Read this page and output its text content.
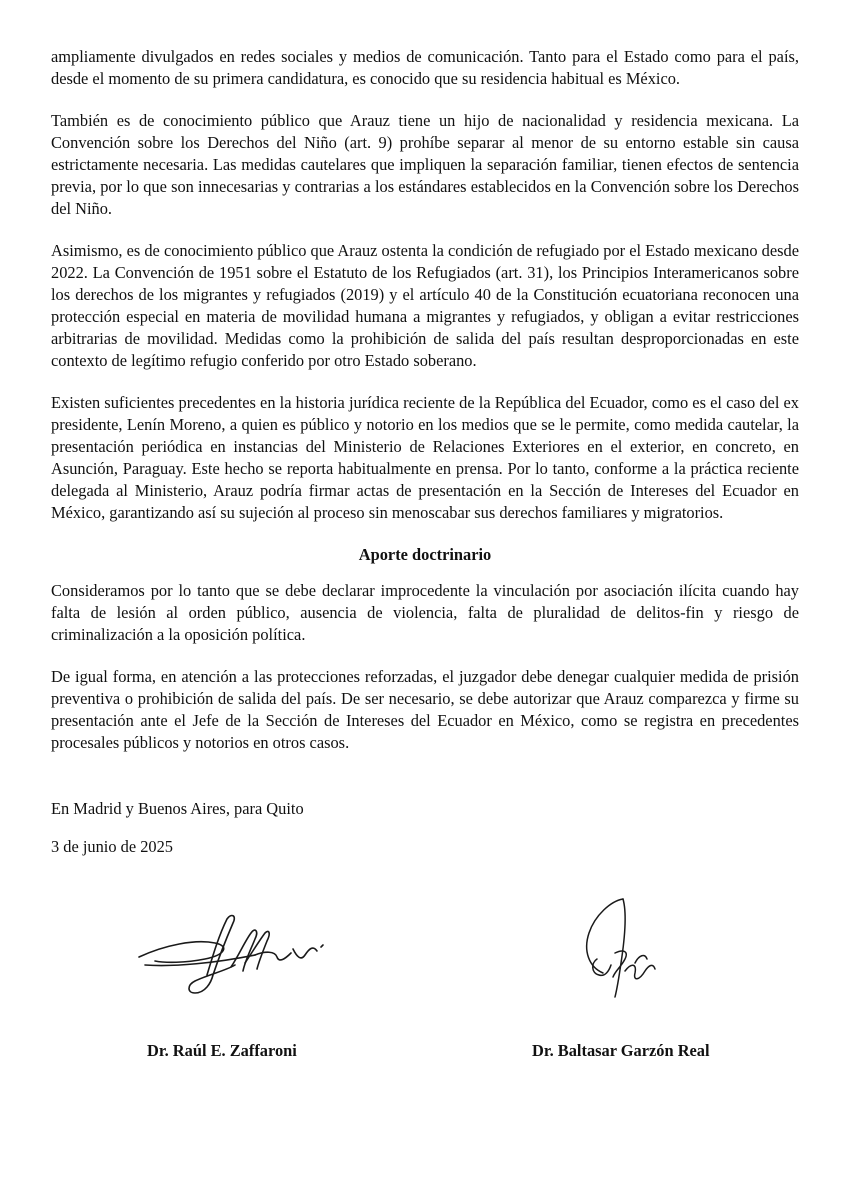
ampliamente divulgados en redes sociales y medios de comunicación. Tanto para el Estado como para el país, desde el momento de su primera candidatura, es conocido que su residencia habitual es México.

También es de conocimiento público que Arauz tiene un hijo de nacionalidad y residencia mexicana. La Convención sobre los Derechos del Niño (art. 9) prohíbe separar al menor de su entorno estable sin causa estrictamente necesaria. Las medidas cautelares que impliquen la separación familiar, tienen efectos de sentencia previa, por lo que son innecesarias y contrarias a los estándares establecidos en la Convención sobre los Derechos del Niño.

Asimismo, es de conocimiento público que Arauz ostenta la condición de refugiado por el Estado mexicano desde 2022. La Convención de 1951 sobre el Estatuto de los Refugiados (art. 31), los Principios Interamericanos sobre los derechos de los migrantes y refugiados (2019) y el artículo 40 de la Constitución ecuatoriana reconocen una protección especial en materia de movilidad humana a migrantes y refugiados, y obligan a evitar restricciones arbitrarias de movilidad. Medidas como la prohibición de salida del país resultan desproporcionadas en este contexto de legítimo refugio conferido por otro Estado soberano.

Existen suficientes precedentes en la historia jurídica reciente de la República del Ecuador, como es el caso del ex presidente, Lenín Moreno, a quien es público y notorio en los medios que se le permite, como medida cautelar, la presentación periódica en instancias del Ministerio de Relaciones Exteriores en el exterior, en concreto, en Asunción, Paraguay. Este hecho se reporta habitualmente en prensa. Por lo tanto, conforme a la práctica reciente delegada al Ministerio, Arauz podría firmar actas de presentación en la Sección de Intereses del Ecuador en México, garantizando así su sujeción al proceso sin menoscabar sus derechos familiares y migratorios.

Aporte doctrinario

Consideramos por lo tanto que se debe declarar improcedente la vinculación por asociación ilícita cuando hay falta de lesión al orden público, ausencia de violencia, falta de pluralidad de delitos-fin y riesgo de criminalización a la oposición política.

De igual forma, en atención a las protecciones reforzadas, el juzgador debe denegar cualquier medida de prisión preventiva o prohibición de salida del país. De ser necesario, se debe autorizar que Arauz comparezca y firme su presentación ante el Jefe de la Sección de Intereses del Ecuador en México, como se registra en precedentes procesales públicos y notorios en otros casos.

En Madrid y Buenos Aires, para Quito

3 de junio de 2025

Dr. Raúl E. Zaffaroni	Dr. Baltasar Garzón Real
